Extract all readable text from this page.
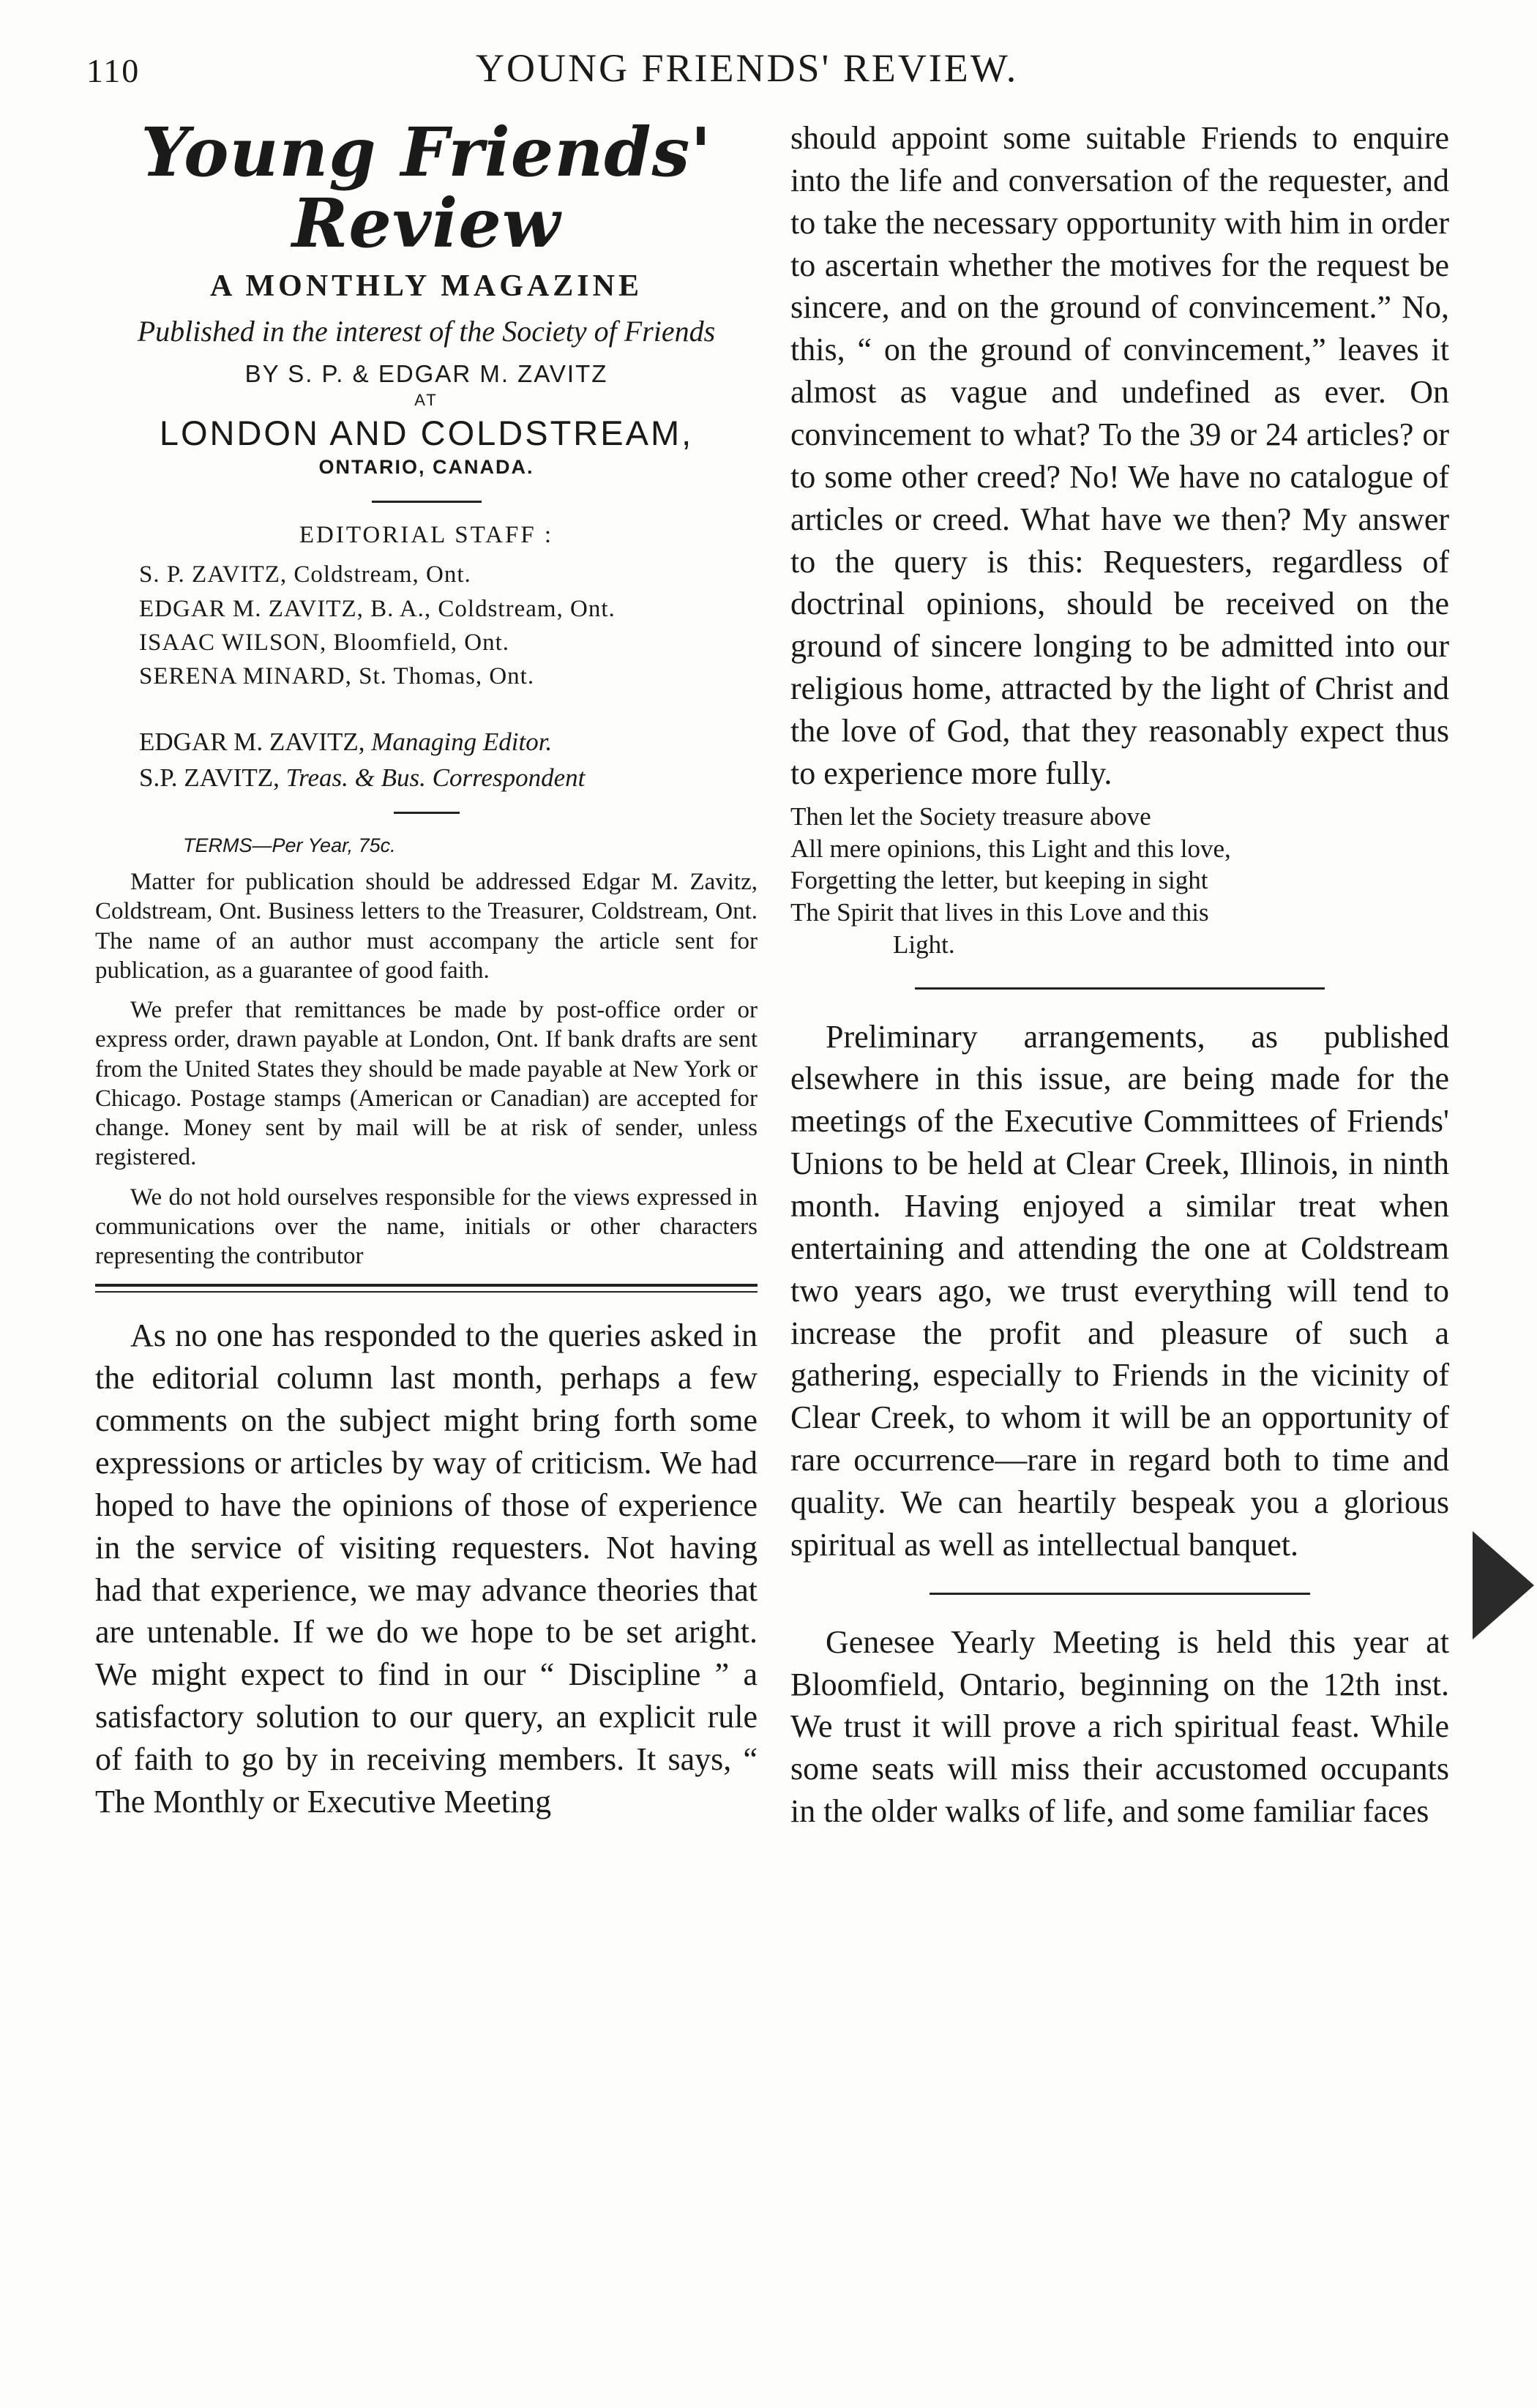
110	YOUNG FRIENDS' REVIEW.
Young Friends' Review
A MONTHLY MAGAZINE
Published in the interest of the Society of Friends
BY S. P. & EDGAR M. ZAVITZ
AT
LONDON AND COLDSTREAM,
ONTARIO, CANADA.
EDITORIAL STAFF :
S. P. ZAVITZ, Coldstream, Ont.
EDGAR M. ZAVITZ, B. A., Coldstream, Ont.
ISAAC WILSON, Bloomfield, Ont.
SERENA MINARD, St. Thomas, Ont.
EDGAR M. ZAVITZ, Managing Editor.
S.P. ZAVITZ, Treas. & Bus. Correspondent
TERMS—Per Year, 75c.

Matter for publication should be addressed Edgar M. Zavitz, Coldstream, Ont. Business letters to the Treasurer, Coldstream, Ont. The name of an author must accompany the article sent for publication, as a guarantee of good faith.

We prefer that remittances be made by post-office order or express order, drawn payable at London, Ont. If bank drafts are sent from the United States they should be made payable at New York or Chicago. Postage stamps (American or Canadian) are accepted for change. Money sent by mail will be at risk of sender, unless registered.

We do not hold ourselves responsible for the views expressed in communications over the name, initials or other characters representing the contributor

As no one has responded to the queries asked in the editorial column last month, perhaps a few comments on the subject might bring forth some expressions or articles by way of criticism. We had hoped to have the opinions of those of experience in the service of visiting requesters. Not having had that experience, we may advance theories that are untenable. If we do we hope to be set aright. We might expect to find in our “ Discipline ” a satisfactory solution to our query, an explicit rule of faith to go by in receiving members. It says, “ The Monthly or Executive Meeting

should appoint some suitable Friends to enquire into the life and conversation of the requester, and to take the necessary opportunity with him in order to ascertain whether the motives for the request be sincere, and on the ground of convincement.” No, this, “ on the ground of convincement,” leaves it almost as vague and undefined as ever. On convincement to what? To the 39 or 24 articles? or to some other creed? No! We have no catalogue of articles or creed. What have we then? My answer to the query is this: Requesters, regardless of doctrinal opinions, should be received on the ground of sincere longing to be admitted into our religious home, attracted by the light of Christ and the love of God, that they reasonably expect thus to experience more fully.

Then let the Society treasure above
All mere opinions, this Light and this love,
Forgetting the letter, but keeping in sight
The Spirit that lives in this Love and this
Light.

Preliminary arrangements, as published elsewhere in this issue, are being made for the meetings of the Executive Committees of Friends' Unions to be held at Clear Creek, Illinois, in ninth month. Having enjoyed a similar treat when entertaining and attending the one at Coldstream two years ago, we trust everything will tend to increase the profit and pleasure of such a gathering, especially to Friends in the vicinity of Clear Creek, to whom it will be an opportunity of rare occurrence—rare in regard both to time and quality. We can heartily bespeak you a glorious spiritual as well as intellectual banquet.

Genesee Yearly Meeting is held this year at Bloomfield, Ontario, beginning on the 12th inst. We trust it will prove a rich spiritual feast. While some seats will miss their accustomed occupants in the older walks of life, and some familiar faces
